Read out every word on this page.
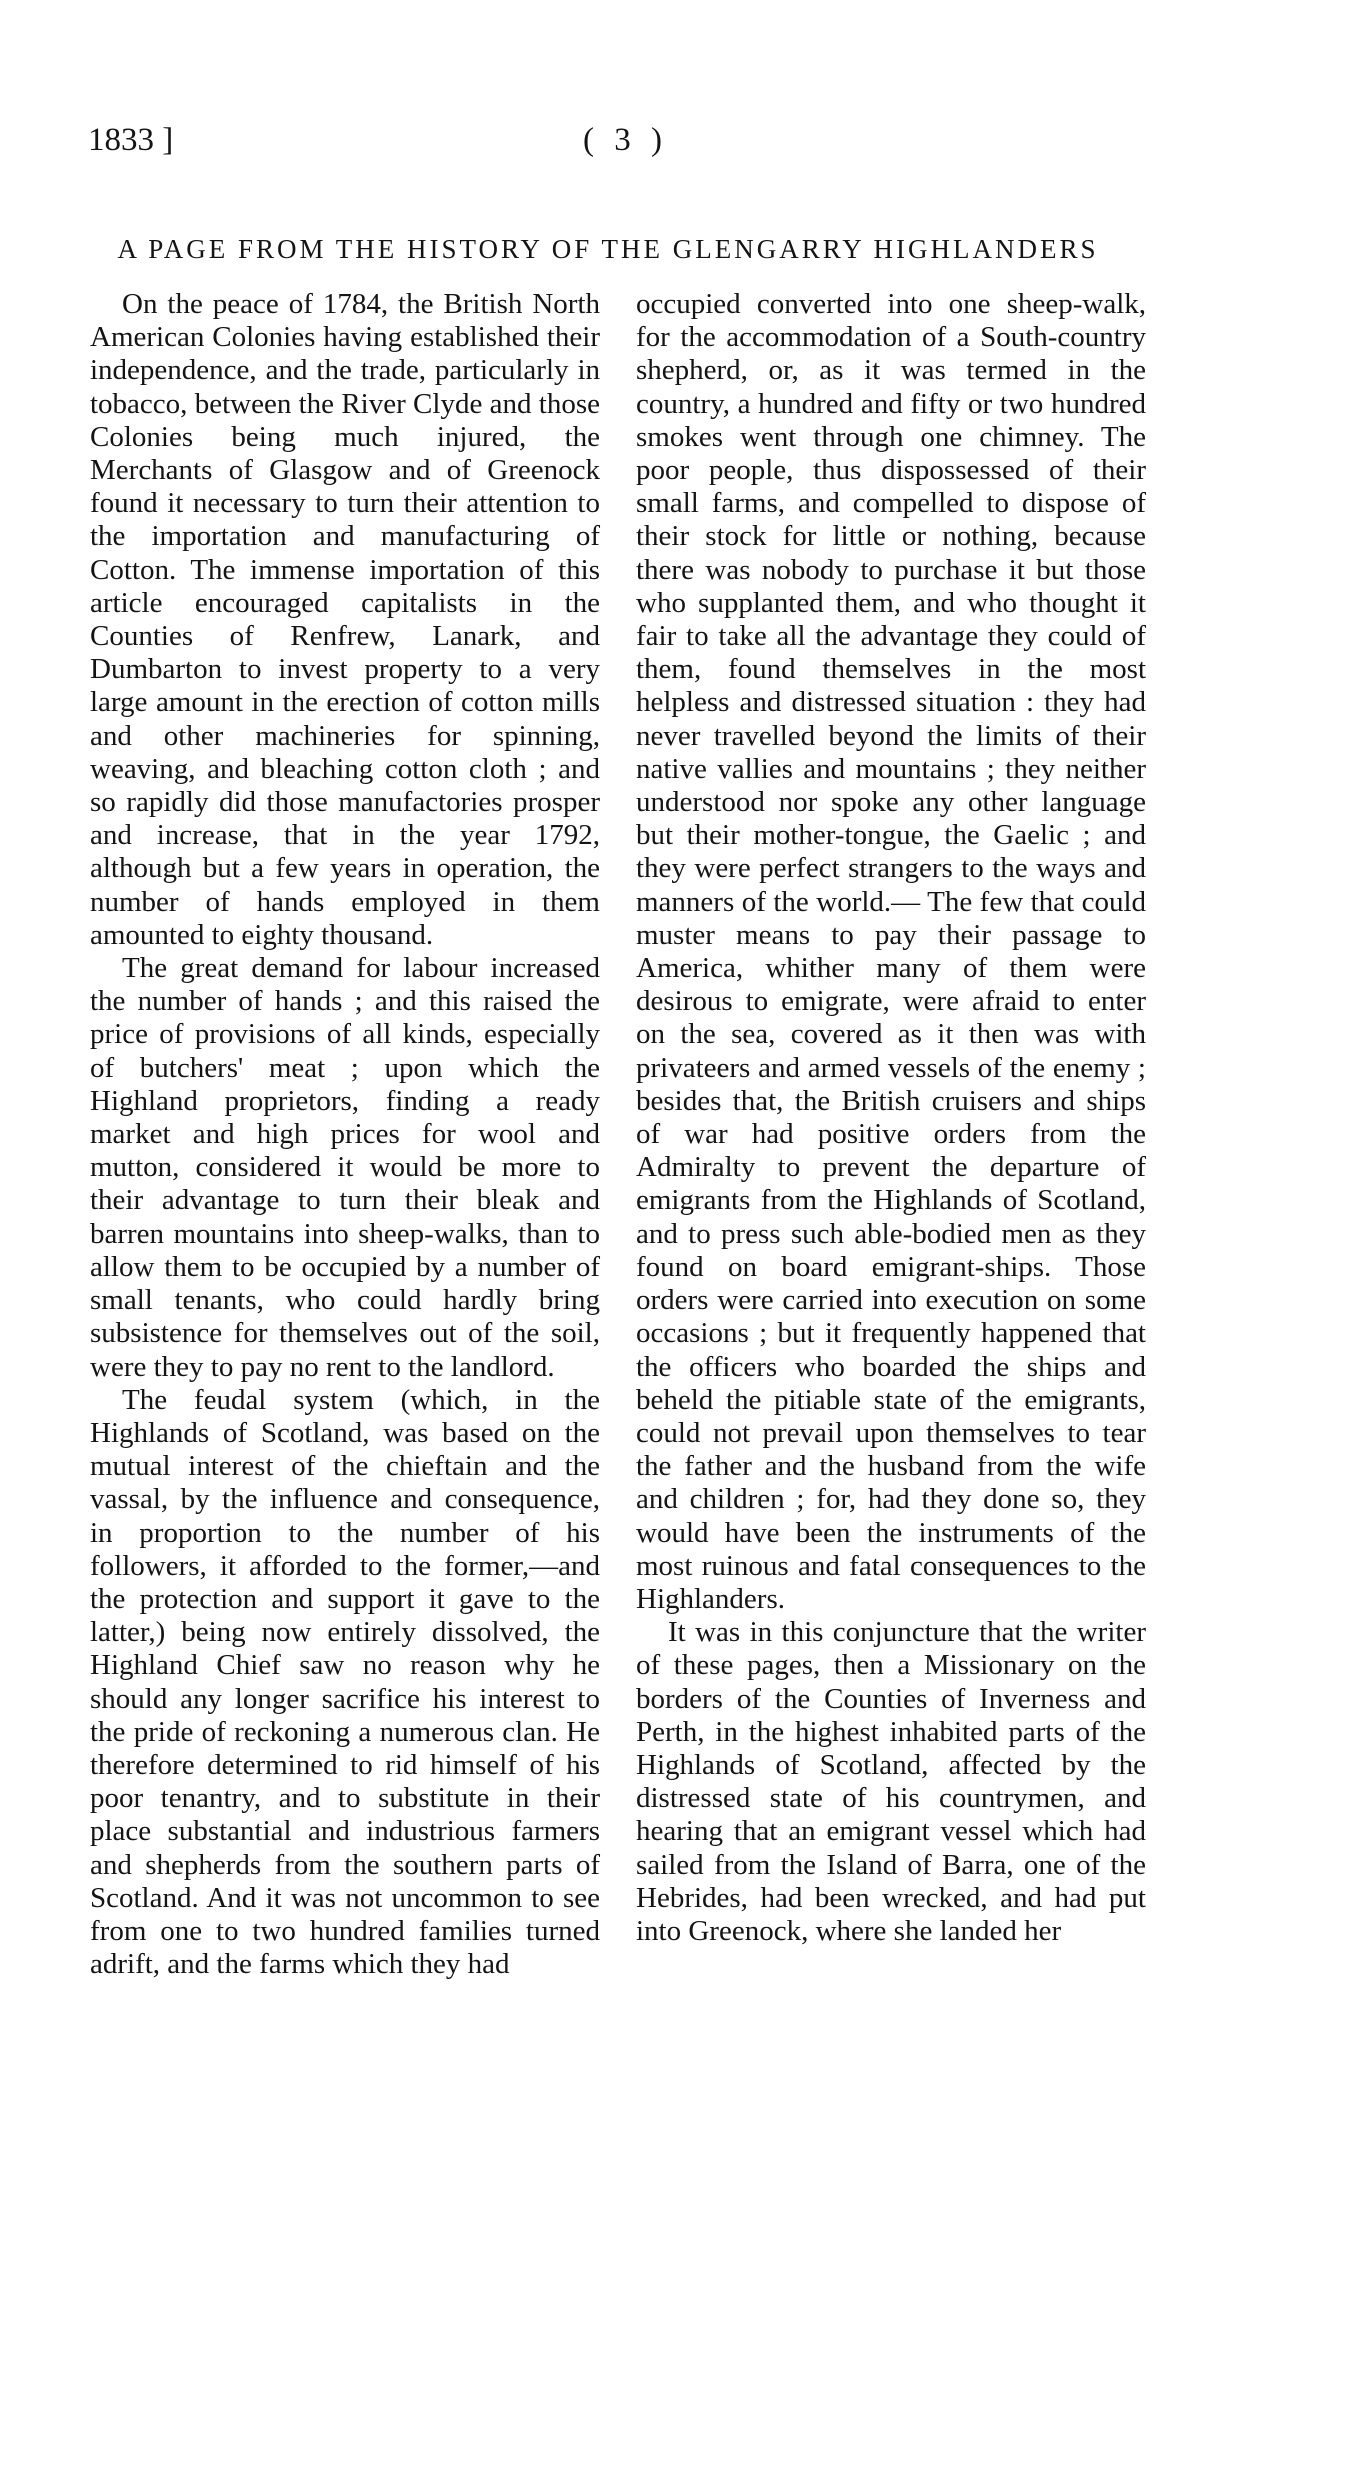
1833 ]	( 3 )
A PAGE FROM THE HISTORY OF THE GLENGARRY HIGHLANDERS

On the peace of 1784, the British North American Colonies having established their independence, and the trade, particularly in tobacco, between the River Clyde and those Colonies being much injured, the Merchants of Glasgow and of Greenock found it necessary to turn their attention to the importation and manufacturing of Cotton. The immense importation of this article encouraged capitalists in the Counties of Renfrew, Lanark, and Dumbarton to invest property to a very large amount in the erection of cotton mills and other machineries for spinning, weaving, and bleaching cotton cloth ; and so rapidly did those manufactories prosper and increase, that in the year 1792, although but a few years in operation, the number of hands employed in them amounted to eighty thousand.

The great demand for labour increased the number of hands ; and this raised the price of provisions of all kinds, especially of butchers' meat ; upon which the Highland proprietors, finding a ready market and high prices for wool and mutton, considered it would be more to their advantage to turn their bleak and barren mountains into sheep-walks, than to allow them to be occupied by a number of small tenants, who could hardly bring subsistence for themselves out of the soil, were they to pay no rent to the landlord.

The feudal system (which, in the Highlands of Scotland, was based on the mutual interest of the chieftain and the vassal, by the influence and consequence, in proportion to the number of his followers, it afforded to the former,—and the protection and support it gave to the latter,) being now entirely dissolved, the Highland Chief saw no reason why he should any longer sacrifice his interest to the pride of reckoning a numerous clan. He therefore determined to rid himself of his poor tenantry, and to substitute in their place substantial and industrious farmers and shepherds from the southern parts of Scotland. And it was not uncommon to see from one to two hundred families turned adrift, and the farms which they had

occupied converted into one sheep-walk, for the accommodation of a South-country shepherd, or, as it was termed in the country, a hundred and fifty or two hundred smokes went through one chimney. The poor people, thus dispossessed of their small farms, and compelled to dispose of their stock for little or nothing, because there was nobody to purchase it but those who supplanted them, and who thought it fair to take all the advantage they could of them, found themselves in the most helpless and distressed situation : they had never travelled beyond the limits of their native vallies and mountains ; they neither understood nor spoke any other language but their mother-tongue, the Gaelic ; and they were perfect strangers to the ways and manners of the world.— The few that could muster means to pay their passage to America, whither many of them were desirous to emigrate, were afraid to enter on the sea, covered as it then was with privateers and armed vessels of the enemy ; besides that, the British cruisers and ships of war had positive orders from the Admiralty to prevent the departure of emigrants from the Highlands of Scotland, and to press such able-bodied men as they found on board emigrant-ships. Those orders were carried into execution on some occasions ; but it frequently happened that the officers who boarded the ships and beheld the pitiable state of the emigrants, could not prevail upon themselves to tear the father and the husband from the wife and children ; for, had they done so, they would have been the instruments of the most ruinous and fatal consequences to the Highlanders.

It was in this conjuncture that the writer of these pages, then a Missionary on the borders of the Counties of Inverness and Perth, in the highest inhabited parts of the Highlands of Scotland, affected by the distressed state of his countrymen, and hearing that an emigrant vessel which had sailed from the Island of Barra, one of the Hebrides, had been wrecked, and had put into Greenock, where she landed her
